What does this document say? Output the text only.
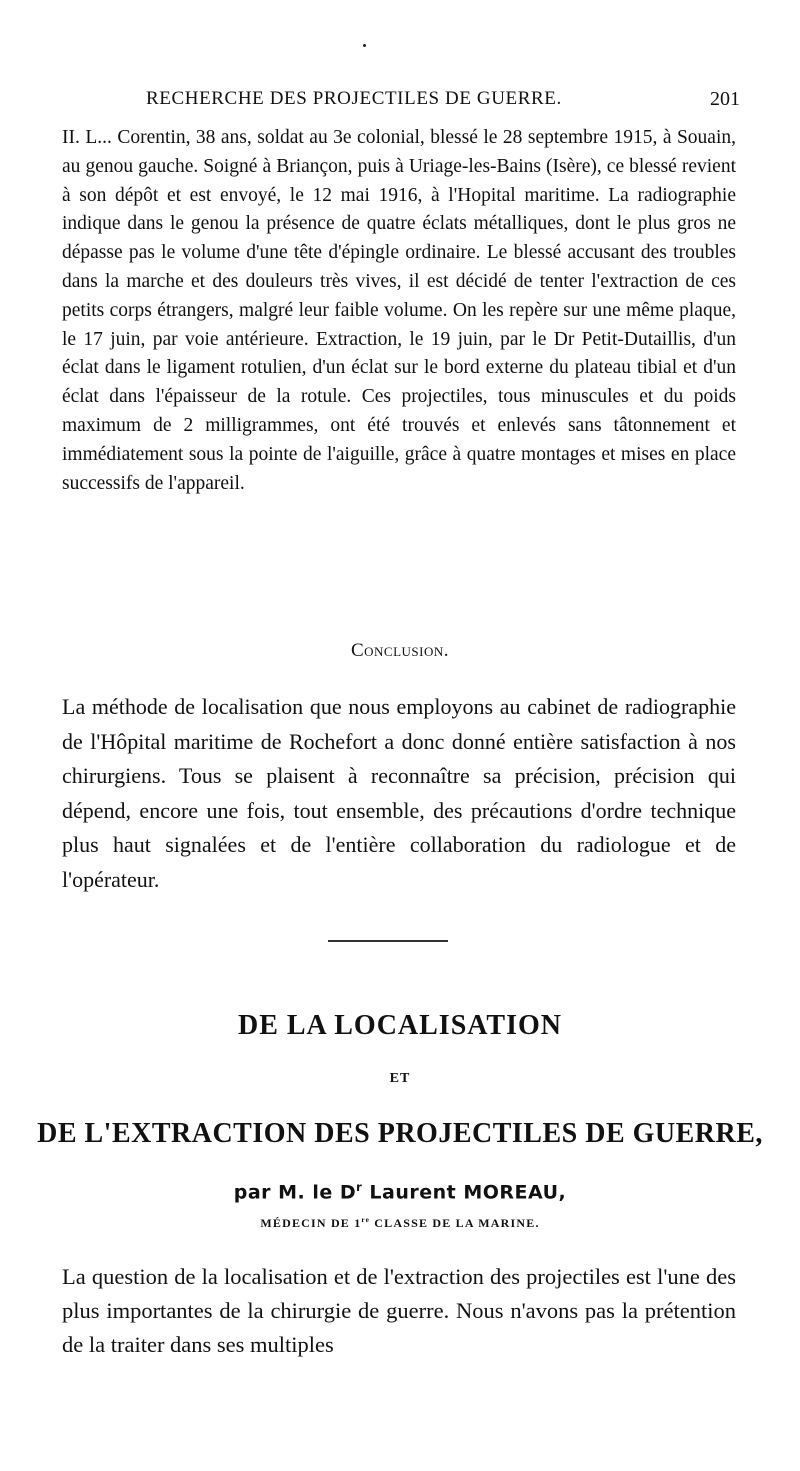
RECHERCHE DES PROJECTILES DE GUERRE.	201

II. L... Corentin, 38 ans, soldat au 3e colonial, blessé le 28 septembre 1915, à Souain, au genou gauche. Soigné à Briançon, puis à Uriage-les-Bains (Isère), ce blessé revient à son dépôt et est envoyé, le 12 mai 1916, à l'Hopital maritime. La radiographie indique dans le genou la présence de quatre éclats métalliques, dont le plus gros ne dépasse pas le volume d'une tête d'épingle ordinaire. Le blessé accusant des troubles dans la marche et des douleurs très vives, il est décidé de tenter l'extraction de ces petits corps étrangers, malgré leur faible volume. On les repère sur une même plaque, le 17 juin, par voie antérieure. Extraction, le 19 juin, par le Dr Petit-Dutaillis, d'un éclat dans le ligament rotulien, d'un éclat sur le bord externe du plateau tibial et d'un éclat dans l'épaisseur de la rotule. Ces projectiles, tous minuscules et du poids maximum de 2 milligrammes, ont été trouvés et enlevés sans tâtonnement et immédiatement sous la pointe de l'aiguille, grâce à quatre montages et mises en place successifs de l'appareil.

Conclusion.

La méthode de localisation que nous employons au cabinet de radiographie de l'Hôpital maritime de Rochefort a donc donné entière satisfaction à nos chirurgiens. Tous se plaisent à reconnaître sa précision, précision qui dépend, encore une fois, tout ensemble, des précautions d'ordre technique plus haut signalées et de l'entière collaboration du radiologue et de l'opérateur.

DE LA LOCALISATION
ET
DE L'EXTRACTION DES PROJECTILES DE GUERRE,
par M. le $D^r$ Laurent MOREAU,
MÉDECIN DE 1re CLASSE DE LA MARINE.

La question de la localisation et de l'extraction des projectiles est l'une des plus importantes de la chirurgie de guerre. Nous n'avons pas la prétention de la traiter dans ses multiples
